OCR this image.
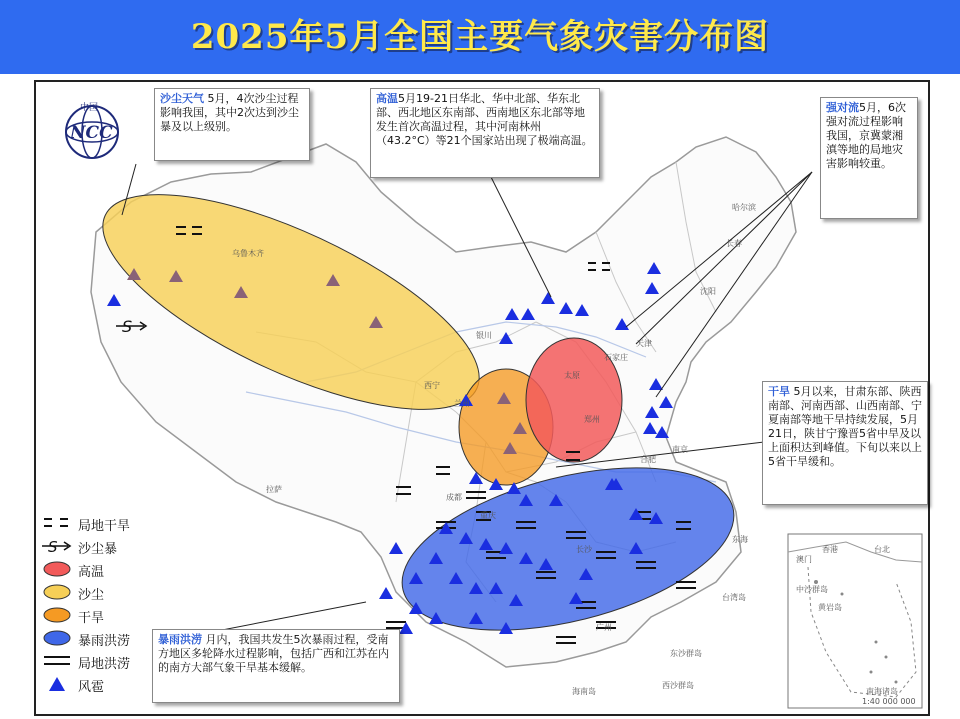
2025年5月全国主要气象灾害分布图
S
乌鲁木齐
拉萨
西宁
银川
兰州
成都
重庆
石家庄
太原
郑州
天津
哈尔滨
长春
沈阳
合肥
南京
长沙
广州
香港
澳门
台北
台湾岛
海南岛
东沙群岛
西沙群岛
中沙群岛
南海诸岛
1:40 000 000
东海
黄岩岛
中国
NCC
沙尘天气 5月，4次沙尘过程影响我国，其中2次达到沙尘暴及以上级别。
高温5月19-21日华北、华中北部、华东北部、西北地区东南部、西南地区东北部等地发生首次高温过程，其中河南林州（43.2°C）等21个国家站出现了极端高温。
强对流5月，6次强对流过程影响我国，京冀蒙湘滇等地的局地灾害影响较重。
干旱 5月以来，甘肃东部、陕西南部、河南西部、山西南部、宁夏南部等地干旱持续发展，5月21日，陕甘宁豫晋5省中旱及以上面积达到峰值。下旬以来以上5省干旱缓和。
暴雨洪涝 月内，我国共发生5次暴雨过程，受南方地区多轮降水过程影响，包括广西和江苏在内的南方大部气象干旱基本缓解。
局地干旱
S 沙尘暴
高温
沙尘
干旱
暴雨洪涝
局地洪涝
风雹
